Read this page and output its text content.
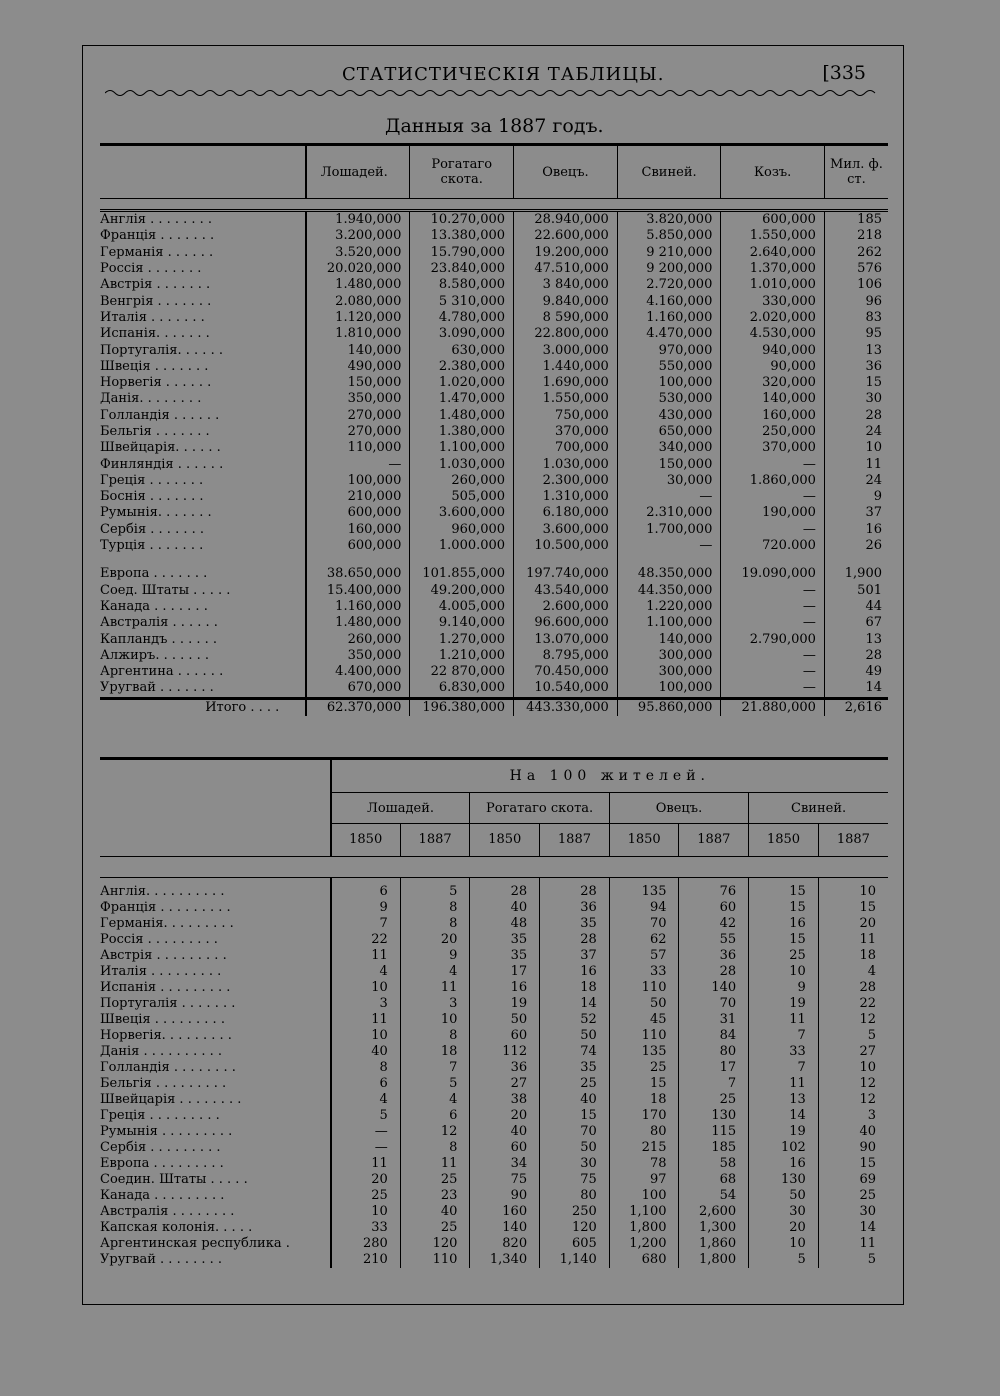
СТАТИСТИЧЕСКІЯ ТАБЛИЦЫ.	[335
Данныя за 1887 годъ.
	Лошадей.	Рогатаго скота.	Овецъ.	Свиней.	Козъ.	Мил. ф. ст.

Англія . . . . . . . .	1.940,000	10.270,000	28.940,000	3.820,000	600,000	185
Франція . . . . . . .	3.200,000	13.380,000	22.600,000	5.850,000	1.550,000	218
Германія . . . . . .	3.520,000	15.790,000	19.200,000	9 210,000	2.640,000	262
Россія . . . . . . .	20.020,000	23.840,000	47.510,000	9 200,000	1.370,000	576
Австрія . . . . . . .	1.480,000	8.580,000	3 840,000	2.720,000	1.010,000	106
Венгрія . . . . . . .	2.080,000	5 310,000	9.840,000	4.160,000	330,000	96
Италія . . . . . . .	1.120,000	4.780,000	8 590,000	1.160,000	2.020,000	83
Испанія. . . . . . .	1.810,000	3.090,000	22.800,000	4.470,000	4.530,000	95
Португалія. . . . . .	140,000	630,000	3.000,000	970,000	940,000	13
Швеція . . . . . . .	490,000	2.380,000	1.440,000	550,000	90,000	36
Норвегія . . . . . .	150,000	1.020,000	1.690,000	100,000	320,000	15
Данія. . . . . . . .	350,000	1.470,000	1.550,000	530,000	140,000	30
Голландія . . . . . .	270,000	1.480,000	750,000	430,000	160,000	28
Бельгія . . . . . . .	270,000	1.380,000	370,000	650,000	250,000	24
Швейцарія. . . . . .	110,000	1.100,000	700,000	340,000	370,000	10
Финляндія . . . . . .	—	1.030,000	1.030,000	150,000	—	11
Греція . . . . . . .	100,000	260,000	2.300,000	30,000	1.860,000	24
Боснія . . . . . . .	210,000	505,000	1.310,000	—	—	9
Румынія. . . . . . .	600,000	3.600,000	6.180,000	2.310,000	190,000	37
Сербія . . . . . . .	160,000	960,000	3.600,000	1.700,000	—	16
Турція . . . . . . .	600,000	1.000.000	10.500,000	—	720.000	26

Европа . . . . . . .	38.650,000	101.855,000	197.740,000	48.350,000	19.090,000	1,900
Соед. Штаты . . . . .	15.400,000	49.200,000	43.540,000	44.350,000	—	501
Канада . . . . . . .	1.160,000	4.005,000	2.600,000	1.220,000	—	44
Австралія . . . . . .	1.480,000	9.140,000	96.600,000	1.100,000	—	67
Капландъ . . . . . .	260,000	1.270,000	13.070,000	140,000	2.790,000	13
Алжиръ. . . . . . .	350,000	1.210,000	8.795,000	300,000	—	28
Аргентина . . . . . .	4.400,000	22 870,000	70.450,000	300,000	—	49
Уругвай . . . . . . .	670,000	6.830,000	10.540,000	100,000	—	14
Итого . . . .	62.370,000	196.380,000	443.330,000	95.860,000	21.880,000	2,616
	На 100 жителей.							
	Лошадей.		Рогатаго скота.		Овецъ.		Свиней.	
	1850	1887	1850	1887	1850	1887	1850	1887

Англія. . . . . . . . . .	6	5	28	28	135	76	15	10
Франція . . . . . . . . .	9	8	40	36	94	60	15	15
Германія. . . . . . . . .	7	8	48	35	70	42	16	20
Россія . . . . . . . . .	22	20	35	28	62	55	15	11
Австрія . . . . . . . . .	11	9	35	37	57	36	25	18
Италія . . . . . . . . .	4	4	17	16	33	28	10	4
Испанія . . . . . . . . .	10	11	16	18	110	140	9	28
Португалія . . . . . . .	3	3	19	14	50	70	19	22
Швеція . . . . . . . . .	11	10	50	52	45	31	11	12
Норвегія. . . . . . . . .	10	8	60	50	110	84	7	5
Данія . . . . . . . . . .	40	18	112	74	135	80	33	27
Голландія . . . . . . . .	8	7	36	35	25	17	7	10
Бельгія . . . . . . . . .	6	5	27	25	15	7	11	12
Швейцарія . . . . . . . .	4	4	38	40	18	25	13	12
Греція . . . . . . . . .	5	6	20	15	170	130	14	3
Румынія . . . . . . . . .	—	12	40	70	80	115	19	40
Сербія . . . . . . . . .	—	8	60	50	215	185	102	90
Европа . . . . . . . . .	11	11	34	30	78	58	16	15
Соедин. Штаты . . . . .	20	25	75	75	97	68	130	69
Канада . . . . . . . . .	25	23	90	80	100	54	50	25
Австралія . . . . . . . .	10	40	160	250	1,100	2,600	30	30
Капская колонія. . . . .	33	25	140	120	1,800	1,300	20	14
Аргентинская республика .	280	120	820	605	1,200	1,860	10	11
Уругвай . . . . . . . .	210	110	1,340	1,140	680	1,800	5	5
